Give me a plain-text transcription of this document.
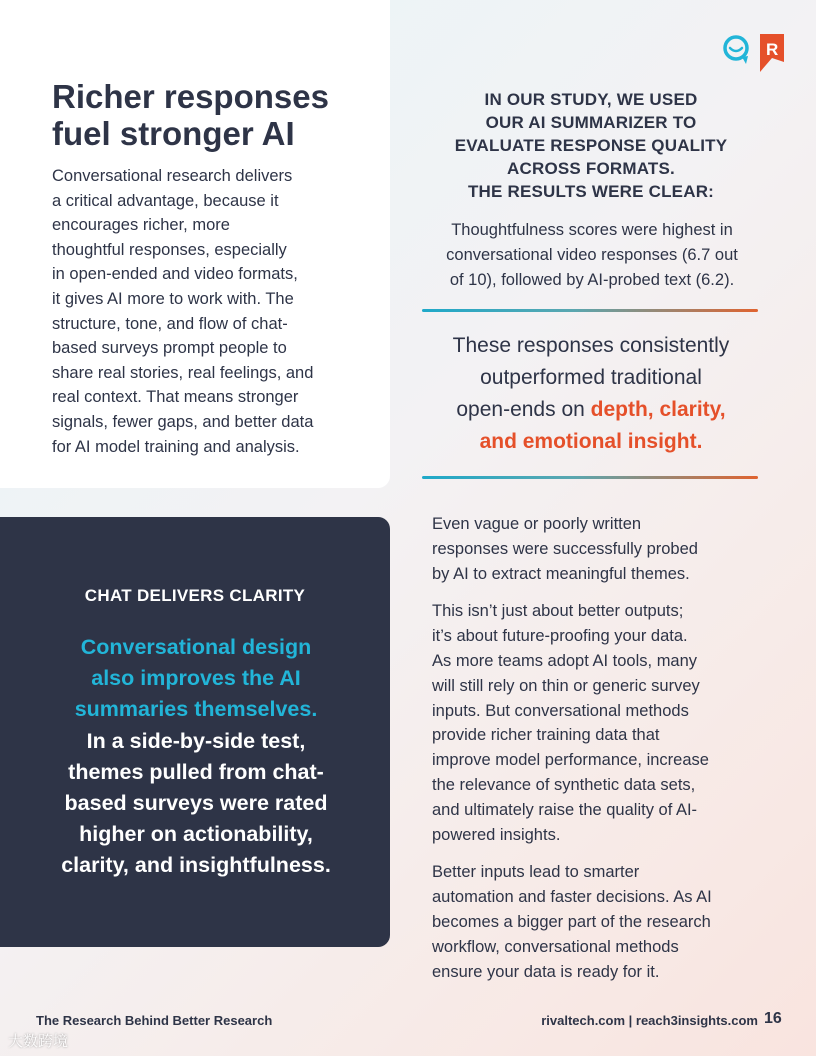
Richer responses
fuel stronger AI
Conversational research delivers
a critical advantage, because it
encourages richer, more
thoughtful responses, especially
in open-ended and video formats,
it gives AI more to work with. The
structure, tone, and flow of chat-
based surveys prompt people to
share real stories, real feelings, and
real context. That means stronger
signals, fewer gaps, and better data
for AI model training and analysis.
R
IN OUR STUDY, WE USED
OUR AI SUMMARIZER TO
EVALUATE RESPONSE QUALITY
ACROSS FORMATS.
THE RESULTS WERE CLEAR:
Thoughtfulness scores were highest in
conversational video responses (6.7 out
of 10), followed by AI-probed text (6.2).
These responses consistently
outperformed traditional
open-ends on depth, clarity,
and emotional insight.
CHAT DELIVERS CLARITY
Conversational design
also improves the AI
summaries themselves.
In a side-by-side test,
themes pulled from chat-
based surveys were rated
higher on actionability,
clarity, and insightfulness.

Even vague or poorly written
responses were successfully probed
by AI to extract meaningful themes.

This isn’t just about better outputs;
it’s about future-proofing your data.
As more teams adopt AI tools, many
will still rely on thin or generic survey
inputs. But conversational methods
provide richer training data that
improve model performance, increase
the relevance of synthetic data sets,
and ultimately raise the quality of AI-
powered insights.

Better inputs lead to smarter
automation and faster decisions. As AI
becomes a bigger part of the research
workflow, conversational methods
ensure your data is ready for it.

The Research Behind Better Research	rivaltech.com | reach3insights.com 16
大数跨境
